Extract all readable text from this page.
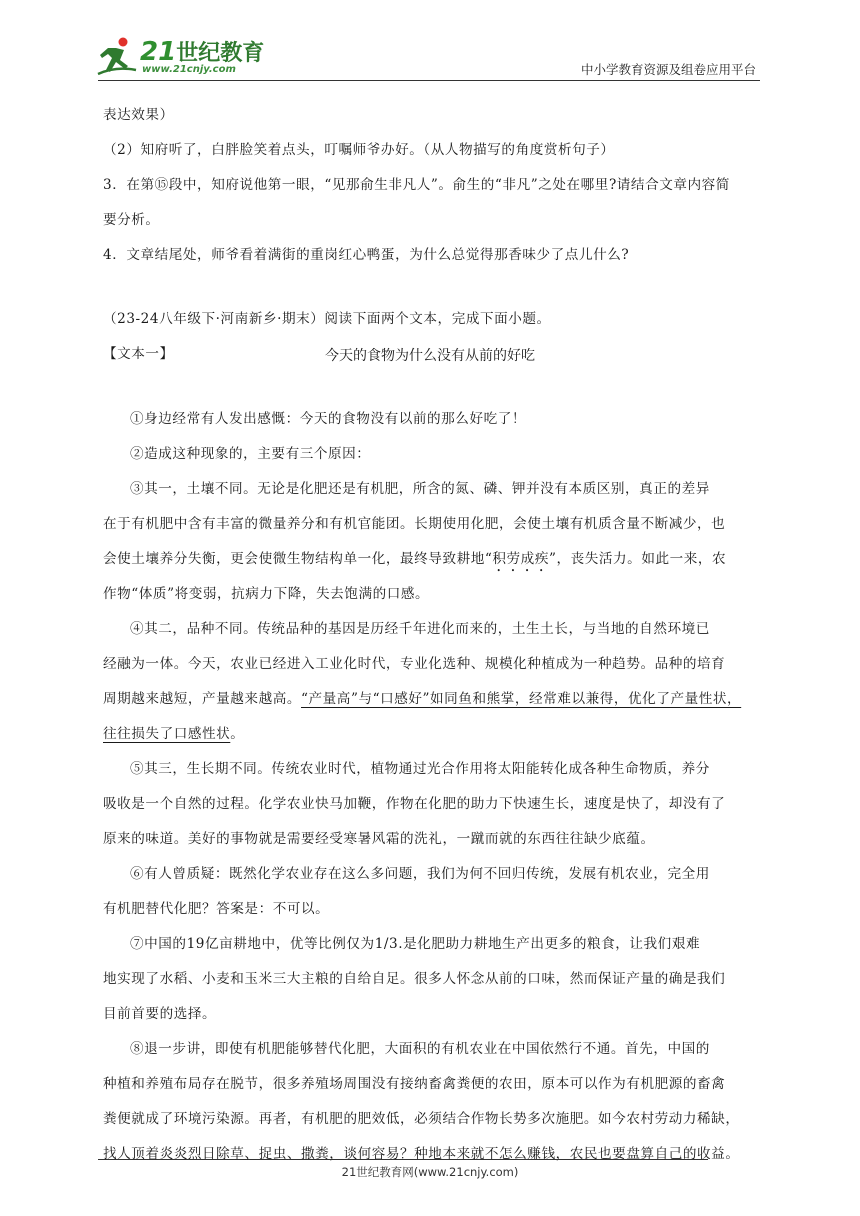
21世纪教育
www.21cnjy.com	中小学教育资源及组卷应用平台

表达效果）

（2）知府听了，白胖脸笑着点头，叮嘱师爷办好。（从人物描写的角度赏析句子）

3．在第⑮段中，知府说他第一眼，“见那俞生非凡人”。俞生的“非凡”之处在哪里?请结合文章内容简

要分析。

4．文章结尾处，师爷看着满街的重岗红心鸭蛋，为什么总觉得那香味少了点儿什么?

（23-24八年级下·河南新乡·期末）阅读下面两个文本，完成下面小题。

【文本一】	今天的食物为什么没有从前的好吃

①身边经常有人发出感慨：今天的食物没有以前的那么好吃了！

②造成这种现象的，主要有三个原因：

③其一，土壤不同。无论是化肥还是有机肥，所含的氮、磷、钾并没有本质区别，真正的差异

在于有机肥中含有丰富的微量养分和有机官能团。长期使用化肥，会使土壤有机质含量不断减少，也

会使土壤养分失衡，更会使微生物结构单一化，最终导致耕地“积劳成疾”，丧失活力。如此一来，农

作物“体质”将变弱，抗病力下降，失去饱满的口感。

④其二，品种不同。传统品种的基因是历经千年进化而来的，土生土长，与当地的自然环境已

经融为一体。今天，农业已经进入工业化时代，专业化选种、规模化种植成为一种趋势。品种的培育

周期越来越短，产量越来越高。“产量高”与“口感好”如同鱼和熊掌，经常难以兼得，优化了产量性状，

往往损失了口感性状。

⑤其三，生长期不同。传统农业时代，植物通过光合作用将太阳能转化成各种生命物质，养分

吸收是一个自然的过程。化学农业快马加鞭，作物在化肥的助力下快速生长，速度是快了，却没有了

原来的味道。美好的事物就是需要经受寒暑风霜的洗礼，一蹴而就的东西往往缺少底蕴。

⑥有人曾质疑：既然化学农业存在这么多问题，我们为何不回归传统，发展有机农业，完全用

有机肥替代化肥？答案是：不可以。

⑦中国的19亿亩耕地中，优等比例仅为1/3.是化肥助力耕地生产出更多的粮食，让我们艰难

地实现了水稻、小麦和玉米三大主粮的自给自足。很多人怀念从前的口味，然而保证产量的确是我们

目前首要的选择。

⑧退一步讲，即使有机肥能够替代化肥，大面积的有机农业在中国依然行不通。首先，中国的

种植和养殖布局存在脱节，很多养殖场周围没有接纳畜禽粪便的农田，原本可以作为有机肥源的畜禽

粪便就成了环境污染源。再者，有机肥的肥效低，必须结合作物长势多次施肥。如今农村劳动力稀缺，

找人顶着炎炎烈日除草、捉虫、撒粪，谈何容易？种地本来就不怎么赚钱，农民也要盘算自己的收益。

21世纪教育网(www.21cnjy.com)
